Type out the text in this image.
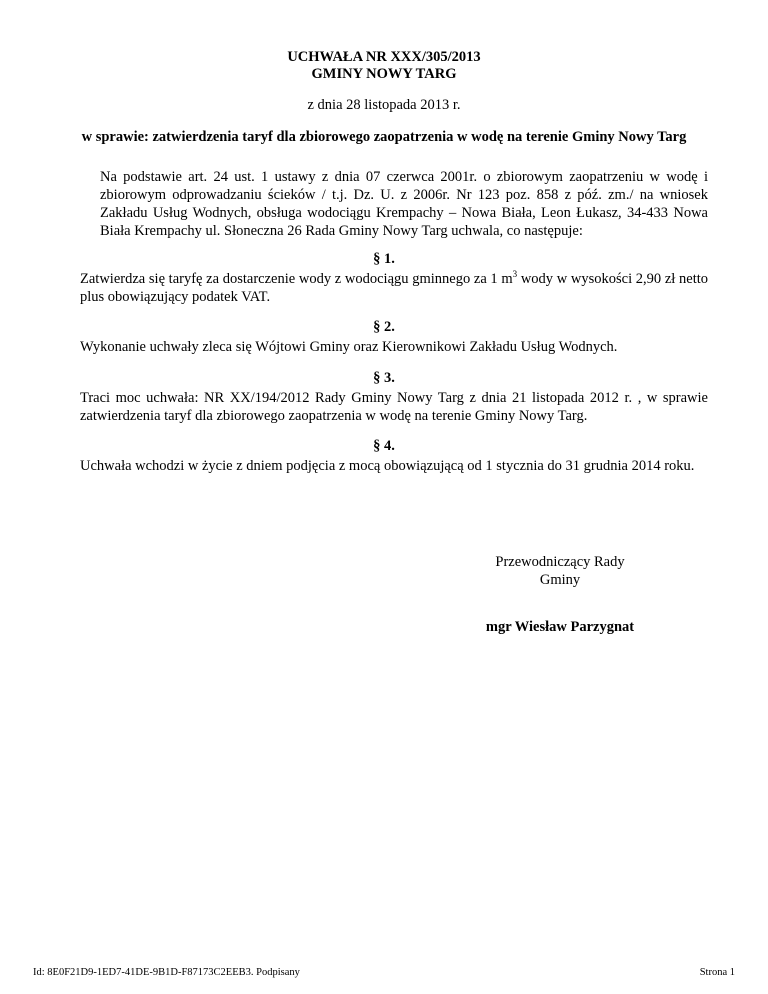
UCHWAŁA NR XXX/305/2013
GMINY NOWY TARG
z dnia 28 listopada 2013 r.
w sprawie: zatwierdzenia taryf dla zbiorowego zaopatrzenia w wodę na terenie Gminy Nowy Targ
Na podstawie art. 24 ust. 1 ustawy z dnia 07 czerwca 2001r. o zbiorowym zaopatrzeniu w wodę i zbiorowym odprowadzaniu ścieków / t.j. Dz. U. z 2006r. Nr 123 poz. 858 z póź. zm./ na wniosek Zakładu Usług Wodnych, obsługa wodociągu Krempachy – Nowa Biała, Leon Łukasz, 34-433 Nowa Biała Krempachy ul. Słoneczna 26 Rada Gminy Nowy Targ uchwala, co następuje:
§ 1.
Zatwierdza się taryfę za dostarczenie wody z wodociągu gminnego za 1 $m^3$ wody w wysokości 2,90 zł netto plus obowiązujący podatek VAT.
§ 2.
Wykonanie uchwały zleca się Wójtowi Gminy oraz Kierownikowi Zakładu Usług Wodnych.
§ 3.
Traci moc uchwała: NR XX/194/2012 Rady Gminy Nowy Targ z dnia 21 listopada 2012 r. , w sprawie zatwierdzenia taryf dla zbiorowego zaopatrzenia w wodę na terenie Gminy Nowy Targ.
§ 4.
Uchwała wchodzi w życie z dniem podjęcia z mocą obowiązującą od 1 stycznia do 31 grudnia 2014 roku.
Przewodniczący Rady
Gminy
mgr Wiesław Parzygnat
Id: 8E0F21D9-1ED7-41DE-9B1D-F87173C2EEB3. Podpisany	Strona 1
